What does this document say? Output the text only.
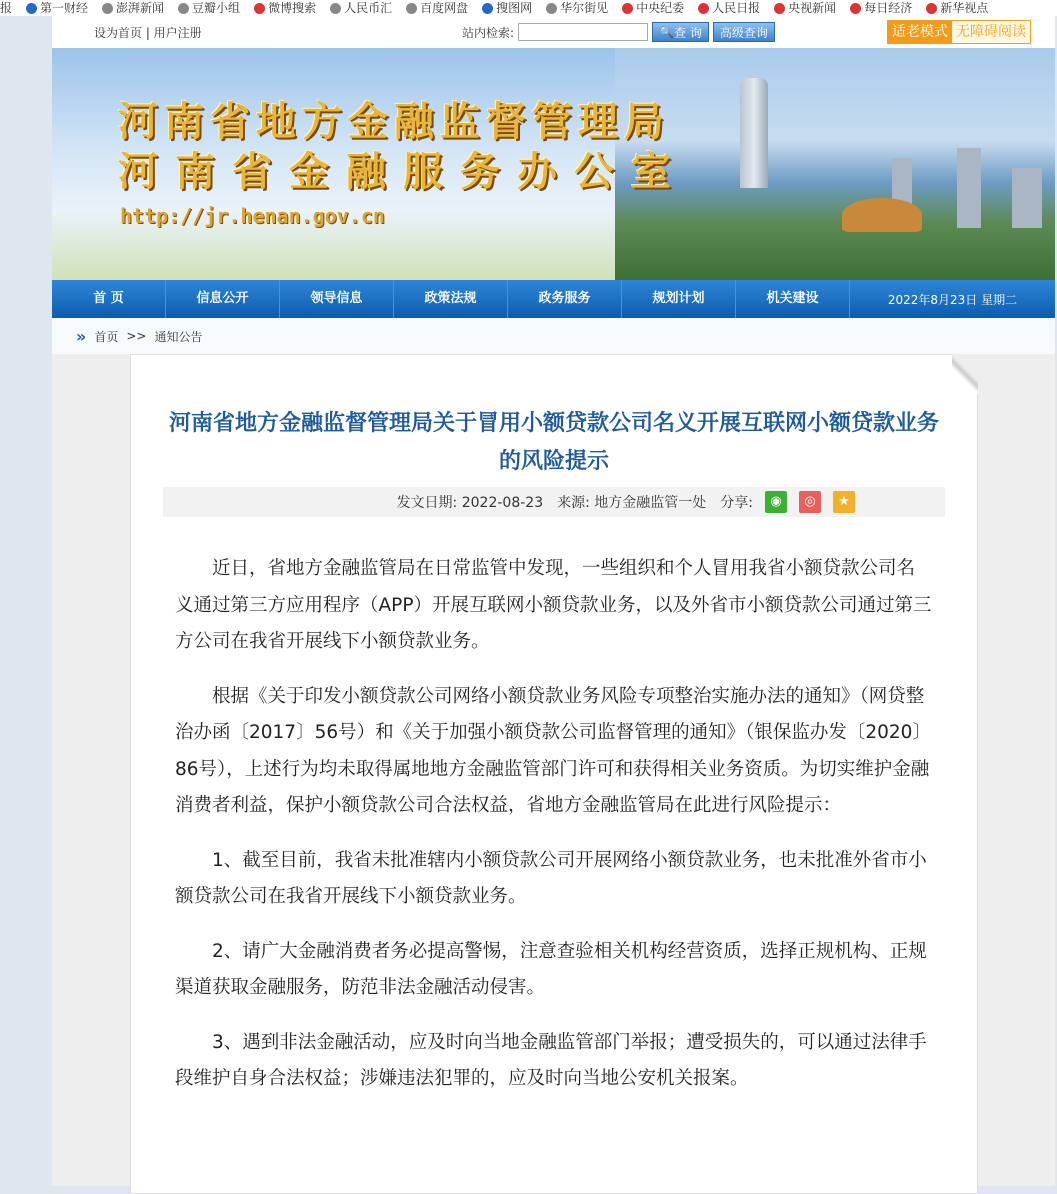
报	第一财经	澎湃新闻	豆瓣小组	微博搜索	人民币汇	百度网盘	搜图网	华尔街见	中央纪委	人民日报	央视新闻	每日经济	新华视点
设为首页 | 用户注册	站内检索:	🔍 查 询	高级查询	适老模式 无障碍阅读
河南省地方金融监督管理局
河南省金融服务办公室
http://jr.henan.gov.cn
首 页	信息公开	领导信息	政策法规	政务服务	规划计划	机关建设	2022年8月23日 星期二
» 首页 >> 通知公告
河南省地方金融监督管理局关于冒用小额贷款公司名义开展互联网小额贷款业务的风险提示
发文日期: 2022-08-23 来源: 地方金融监管一处 分享:	◉	◎	★

近日，省地方金融监管局在日常监管中发现，一些组织和个人冒用我省小额贷款公司名义通过第三方应用程序（APP）开展互联网小额贷款业务，以及外省市小额贷款公司通过第三方公司在我省开展线下小额贷款业务。

根据《关于印发小额贷款公司网络小额贷款业务风险专项整治实施办法的通知》（网贷整治办函〔2017〕56号）和《关于加强小额贷款公司监督管理的通知》（银保监办发〔2020〕86号），上述行为均未取得属地地方金融监管部门许可和获得相关业务资质。为切实维护金融消费者利益，保护小额贷款公司合法权益，省地方金融监管局在此进行风险提示：

1、截至目前，我省未批准辖内小额贷款公司开展网络小额贷款业务，也未批准外省市小额贷款公司在我省开展线下小额贷款业务。

2、请广大金融消费者务必提高警惕，注意查验相关机构经营资质，选择正规机构、正规渠道获取金融服务，防范非法金融活动侵害。

3、遇到非法金融活动，应及时向当地金融监管部门举报；遭受损失的，可以通过法律手段维护自身合法权益；涉嫌违法犯罪的，应及时向当地公安机关报案。
